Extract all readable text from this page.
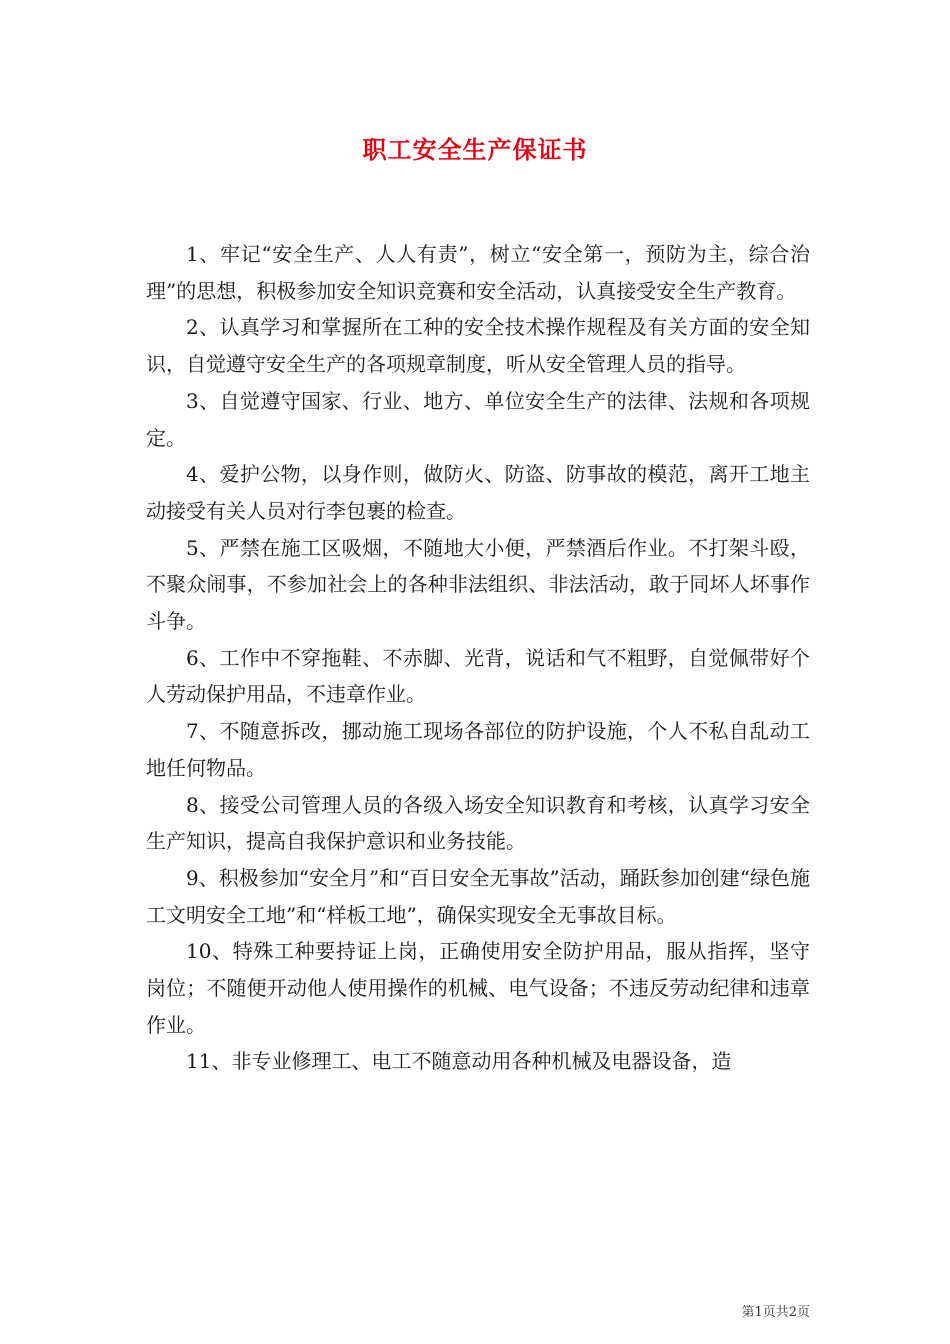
职工安全生产保证书

1、牢记“安全生产、人人有责”，树立“安全第一，预防为主，综合治理”的思想，积极参加安全知识竞赛和安全活动，认真接受安全生产教育。

2、认真学习和掌握所在工种的安全技术操作规程及有关方面的安全知识，自觉遵守安全生产的各项规章制度，听从安全管理人员的指导。

3、自觉遵守国家、行业、地方、单位安全生产的法律、法规和各项规定。

4、爱护公物，以身作则，做防火、防盗、防事故的模范，离开工地主动接受有关人员对行李包裹的检查。

5、严禁在施工区吸烟，不随地大小便，严禁酒后作业。不打架斗殴，不聚众闹事，不参加社会上的各种非法组织、非法活动，敢于同坏人坏事作斗争。

6、工作中不穿拖鞋、不赤脚、光背，说话和气不粗野，自觉佩带好个人劳动保护用品，不违章作业。

7、不随意拆改，挪动施工现场各部位的防护设施，个人不私自乱动工地任何物品。

8、接受公司管理人员的各级入场安全知识教育和考核，认真学习安全生产知识，提高自我保护意识和业务技能。

9、积极参加“安全月”和“百日安全无事故”活动，踊跃参加创建“绿色施工文明安全工地”和“样板工地”，确保实现安全无事故目标。

10、特殊工种要持证上岗，正确使用安全防护用品，服从指挥，坚守岗位；不随便开动他人使用操作的机械、电气设备；不违反劳动纪律和违章作业。

11、非专业修理工、电工不随意动用各种机械及电器设备，造

第1页共2页
